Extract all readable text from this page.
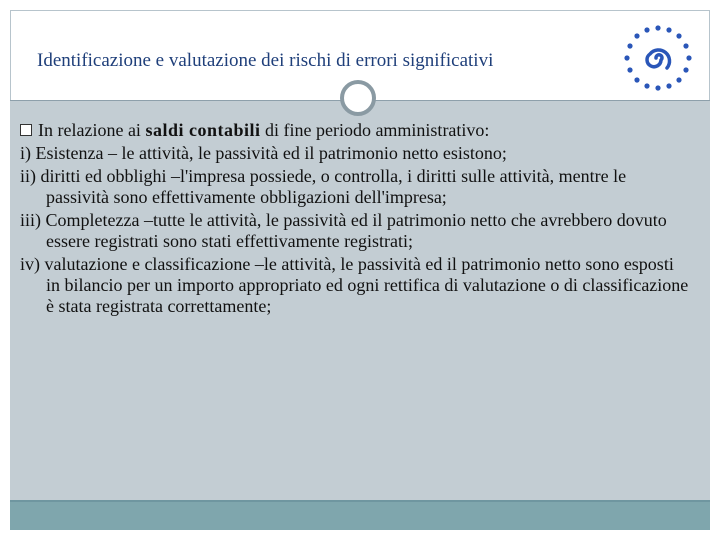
Identificazione e valutazione dei rischi di errori significativi
In relazione ai saldi contabili di fine periodo amministrativo:
i) Esistenza – le attività, le passività ed il patrimonio netto esistono;
ii) diritti ed obblighi –l'impresa possiede, o controlla, i diritti sulle attività, mentre le passività sono effettivamente obbligazioni dell'impresa;
iii) Completezza –tutte le attività, le passività ed il patrimonio netto che avrebbero dovuto essere registrati sono stati effettivamente registrati;
iv) valutazione e classificazione –le attività, le passività ed il patrimonio netto sono esposti in bilancio per un importo appropriato ed ogni rettifica di valutazione o di classificazione è stata registrata correttamente;
